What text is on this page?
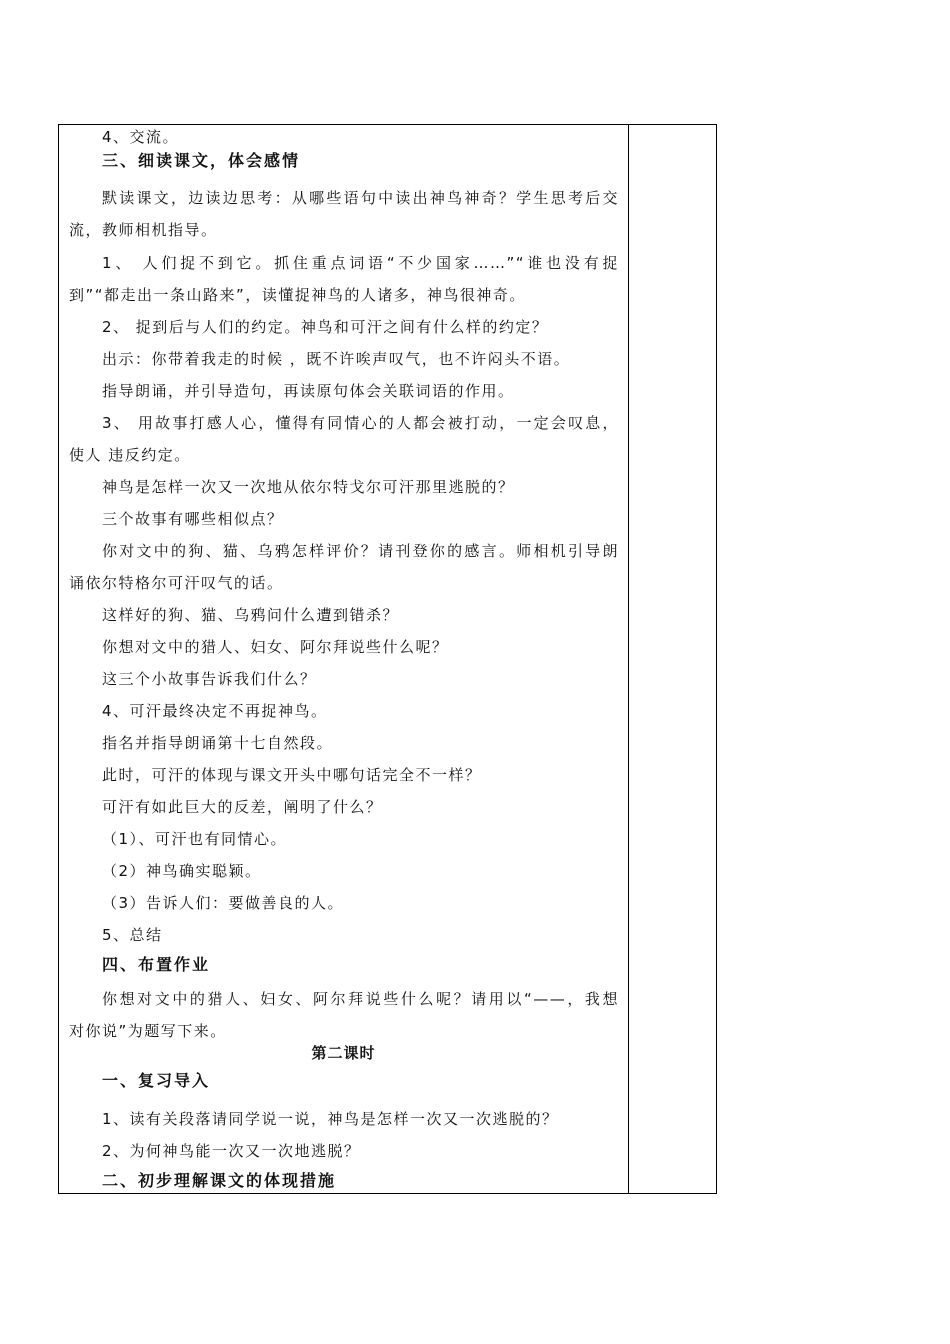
4、交流。
三、细读课文，体会感情
默读课文，边读边思考：从哪些语句中读出神鸟神奇？学生思考后交
流，教师相机指导。
1、 人们捉不到它。抓住重点词语“不少国家……”“谁也没有捉
到”“都走出一条山路来”，读懂捉神鸟的人诸多，神鸟很神奇。
2、 捉到后与人们的约定。神鸟和可汗之间有什么样的约定？
出示：你带着我走的时候 ，既不许唉声叹气，也不许闷头不语。
指导朗诵，并引导造句，再读原句体会关联词语的作用。
3、 用故事打感人心，懂得有同情心的人都会被打动，一定会叹息，
使人 违反约定。
神鸟是怎样一次又一次地从依尔特戈尔可汗那里逃脱的？
三个故事有哪些相似点？
你对文中的狗、猫、乌鸦怎样评价？请刊登你的感言。师相机引导朗
诵依尔特格尔可汗叹气的话。
这样好的狗、猫、乌鸦问什么遭到错杀？
你想对文中的猎人、妇女、阿尔拜说些什么呢？
这三个小故事告诉我们什么？
4、可汗最终决定不再捉神鸟。
指名并指导朗诵第十七自然段。
此时，可汗的体现与课文开头中哪句话完全不一样？
可汗有如此巨大的反差，阐明了什么？
（1）、可汗也有同情心。
（2）神鸟确实聪颖。
（3）告诉人们：要做善良的人。
5、总结
四、布置作业
你想对文中的猎人、妇女、阿尔拜说些什么呢？请用以“——，我想
对你说”为题写下来。
第二课时
一、复习导入
1、读有关段落请同学说一说，神鸟是怎样一次又一次逃脱的？
2、为何神鸟能一次又一次地逃脱？
二、初步理解课文的体现措施
